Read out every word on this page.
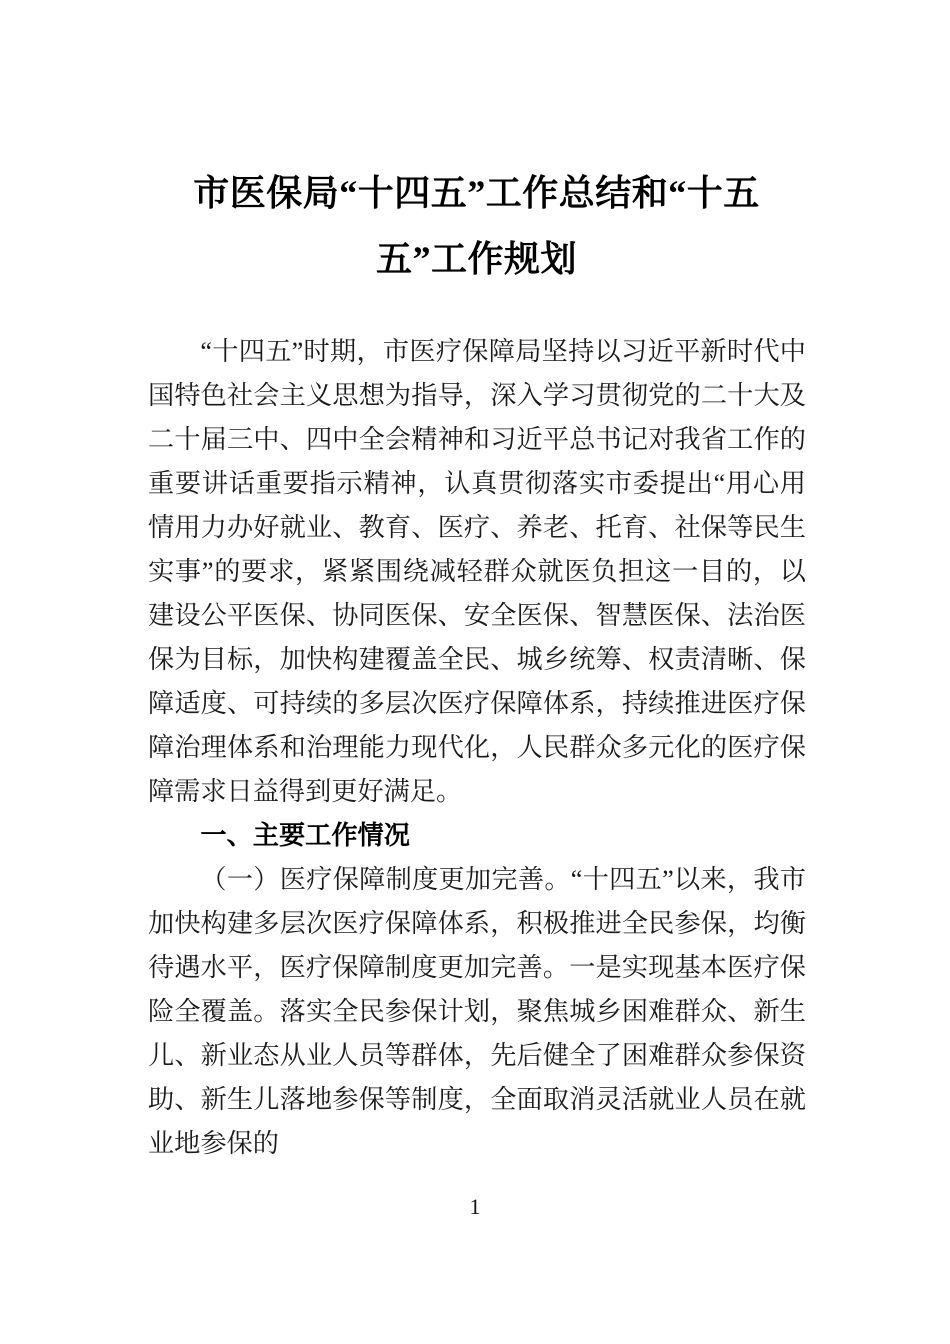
市医保局“十四五”工作总结和“十五
五”工作规划

“十四五”时期，市医疗保障局坚持以习近平新时代中国特色社会主义思想为指导，深入学习贯彻党的二十大及二十届三中、四中全会精神和习近平总书记对我省工作的重要讲话重要指示精神，认真贯彻落实市委提出“用心用情用力办好就业、教育、医疗、养老、托育、社保等民生实事”的要求，紧紧围绕减轻群众就医负担这一目的，以建设公平医保、协同医保、安全医保、智慧医保、法治医保为目标，加快构建覆盖全民、城乡统筹、权责清晰、保障适度、可持续的多层次医疗保障体系，持续推进医疗保障治理体系和治理能力现代化，人民群众多元化的医疗保障需求日益得到更好满足。

一、主要工作情况

（一）医疗保障制度更加完善。“十四五”以来，我市加快构建多层次医疗保障体系，积极推进全民参保，均衡待遇水平，医疗保障制度更加完善。一是实现基本医疗保险全覆盖。落实全民参保计划，聚焦城乡困难群众、新生儿、新业态从业人员等群体，先后健全了困难群众参保资助、新生儿落地参保等制度，全面取消灵活就业人员在就业地参保的

1
